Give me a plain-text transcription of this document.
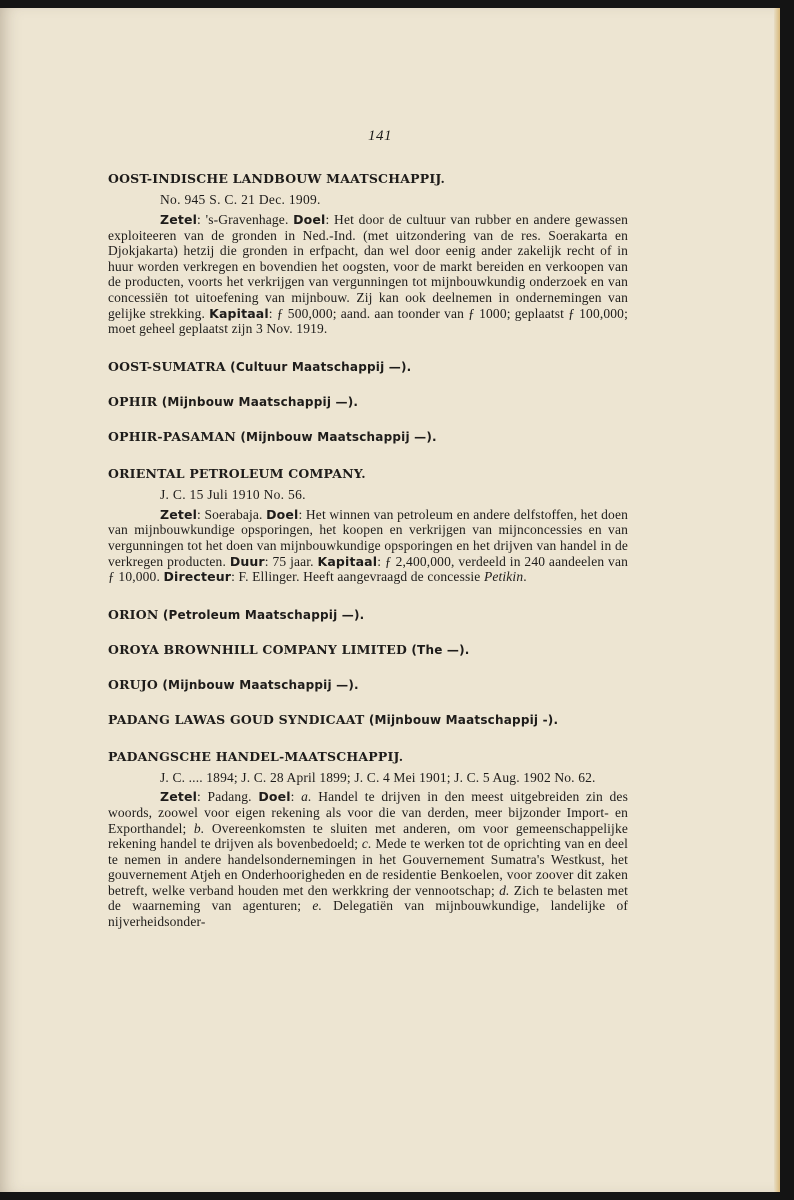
141

OOST-INDISCHE LANDBOUW MAATSCHAPPIJ.

No. 945 S. C. 21 Dec. 1909.

Zetel: 's-Gravenhage. Doel: Het door de cultuur van rubber en andere gewassen exploiteeren van de gronden in Ned.-Ind. (met uitzondering van de res. Soerakarta en Djokjakarta) hetzij die gronden in erfpacht, dan wel door eenig ander zakelijk recht of in huur worden verkregen en bovendien het oogsten, voor de markt bereiden en verkoopen van de producten, voorts het verkrijgen van vergunningen tot mijnbouwkundig onderzoek en van concessiën tot uitoefening van mijnbouw. Zij kan ook deelnemen in ondernemingen van gelijke strekking. Kapitaal: ƒ 500,000; aand. aan toonder van ƒ 1000; geplaatst ƒ 100,000; moet geheel geplaatst zijn 3 Nov. 1919.

OOST-SUMATRA (Cultuur Maatschappij —).

OPHIR (Mijnbouw Maatschappij —).

OPHIR-PASAMAN (Mijnbouw Maatschappij —).

ORIENTAL PETROLEUM COMPANY.

J. C. 15 Juli 1910 No. 56.

Zetel: Soerabaja. Doel: Het winnen van petroleum en andere delfstoffen, het doen van mijnbouwkundige opsporingen, het koopen en verkrijgen van mijnconcessies en van vergunningen tot het doen van mijnbouwkundige opsporingen en het drijven van handel in de verkregen producten. Duur: 75 jaar. Kapitaal: ƒ 2,400,000, verdeeld in 240 aandeelen van ƒ 10,000. Directeur: F. Ellinger. Heeft aangevraagd de concessie Petikin.

ORION (Petroleum Maatschappij —).

OROYA BROWNHILL COMPANY LIMITED (The —).

ORUJO (Mijnbouw Maatschappij —).

PADANG LAWAS GOUD SYNDICAAT (Mijnbouw Maatschappij -).

PADANGSCHE HANDEL-MAATSCHAPPIJ.

J. C. .... 1894; J. C. 28 April 1899; J. C. 4 Mei 1901; J. C. 5 Aug. 1902 No. 62.

Zetel: Padang. Doel: a. Handel te drijven in den meest uitgebreiden zin des woords, zoowel voor eigen rekening als voor die van derden, meer bijzonder Import- en Exporthandel; b. Overeenkomsten te sluiten met anderen, om voor gemeenschappelijke rekening handel te drijven als bovenbedoeld; c. Mede te werken tot de oprichting van en deel te nemen in andere handelsondernemingen in het Gouvernement Sumatra's Westkust, het gouvernement Atjeh en Onderhoorigheden en de residentie Benkoelen, voor zoover dit zaken betreft, welke verband houden met den werkkring der vennootschap; d. Zich te belasten met de waarneming van agenturen; e. Delegatiën van mijnbouwkundige, landelijke of nijverheidsonder-
